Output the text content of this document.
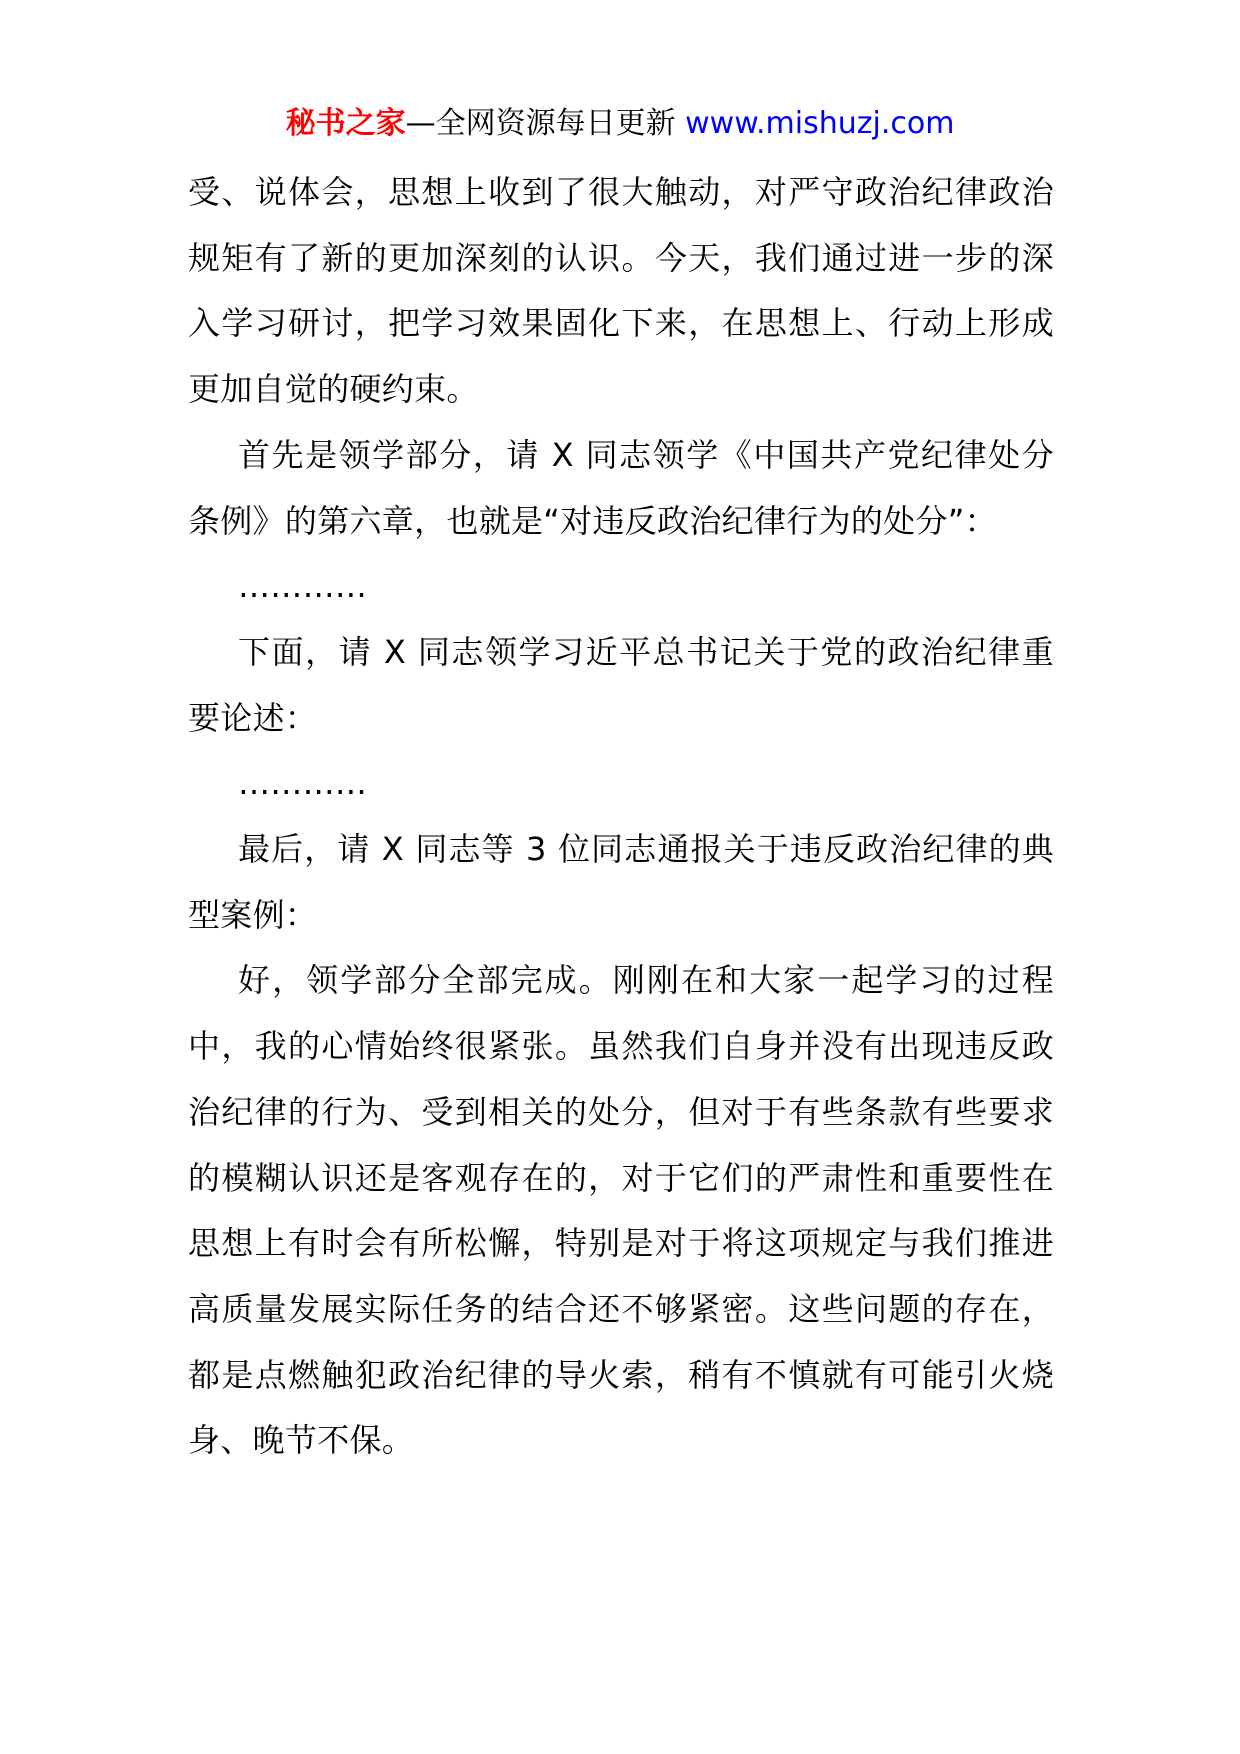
秘书之家—全网资源每日更新 www.mishuzj.com

受、说体会，思想上收到了很大触动，对严守政治纪律政治规矩有了新的更加深刻的认识。今天，我们通过进一步的深入学习研讨，把学习效果固化下来，在思想上、行动上形成更加自觉的硬约束。

首先是领学部分，请 X 同志领学《中国共产党纪律处分条例》的第六章，也就是“对违反政治纪律行为的处分”：

…………

下面，请 X 同志领学习近平总书记关于党的政治纪律重要论述：

…………

最后，请 X 同志等 3 位同志通报关于违反政治纪律的典型案例：

好，领学部分全部完成。刚刚在和大家一起学习的过程中，我的心情始终很紧张。虽然我们自身并没有出现违反政治纪律的行为、受到相关的处分，但对于有些条款有些要求的模糊认识还是客观存在的，对于它们的严肃性和重要性在思想上有时会有所松懈，特别是对于将这项规定与我们推进高质量发展实际任务的结合还不够紧密。这些问题的存在，都是点燃触犯政治纪律的导火索，稍有不慎就有可能引火烧身、晚节不保。
